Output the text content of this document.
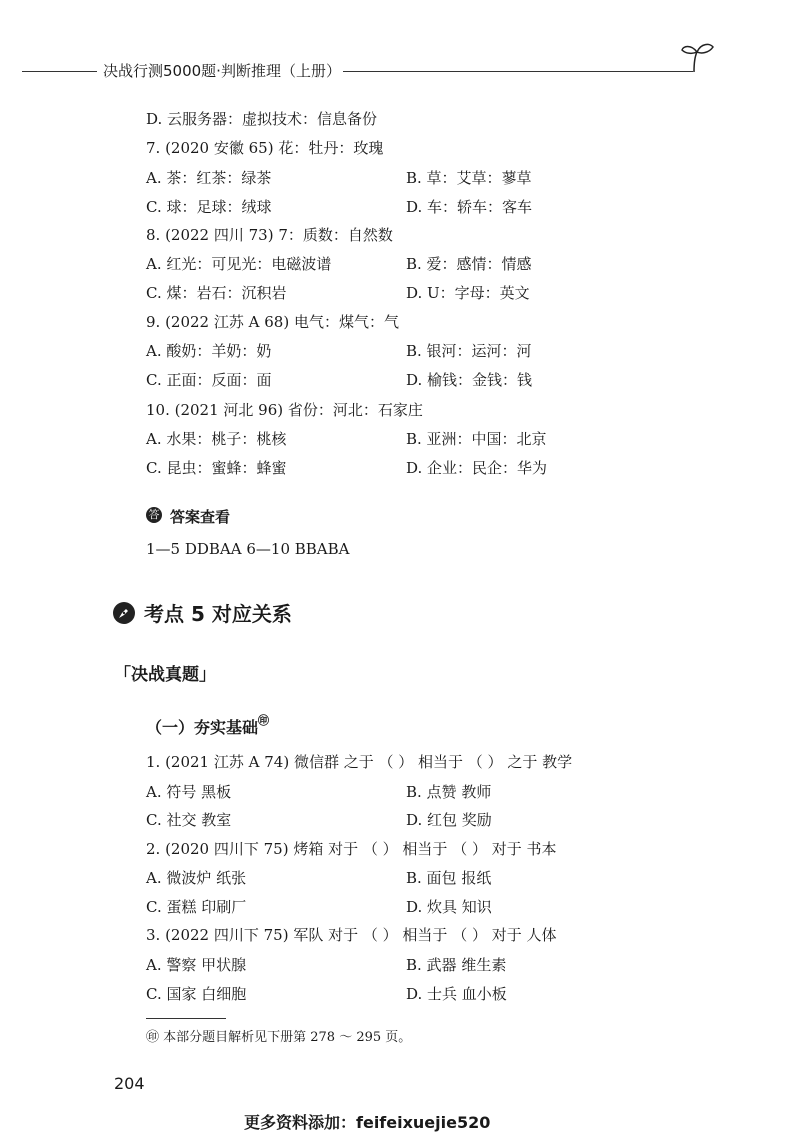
决战行测5000题·判断推理（上册）
D. 云服务器：虚拟技术：信息备份
7. (2020 安徽 65) 花：牡丹：玫瑰
A. 茶：红茶：绿茶	B. 草：艾草：蓼草
C. 球：足球：绒球	D. 车：轿车：客车
8. (2022 四川 73) 7：质数：自然数
A. 红光：可见光：电磁波谱	B. 爱：感情：情感
C. 煤：岩石：沉积岩	D. U：字母：英文
9. (2022 江苏 A 68) 电气：煤气：气
A. 酸奶：羊奶：奶	B. 银河：运河：河
C. 正面：反面：面	D. 榆钱：金钱：钱
10. (2021 河北 96) 省份：河北：石家庄
A. 水果：桃子：桃核	B. 亚洲：中国：北京
C. 昆虫：蜜蜂：蜂蜜	D. 企业：民企：华为
答 答案查看
1—5 DDBAA 6—10 BBABA
考点 5 对应关系
「决战真题」
（一）夯实基础㊞
1. (2021 江苏 A 74) 微信群 之于 （ ） 相当于 （ ） 之于 教学
A. 符号 黑板	B. 点赞 教师
C. 社交 教室	D. 红包 奖励
2. (2020 四川下 75) 烤箱 对于 （ ） 相当于 （ ） 对于 书本
A. 微波炉 纸张	B. 面包 报纸
C. 蛋糕 印刷厂	D. 炊具 知识
3. (2022 四川下 75) 军队 对于 （ ） 相当于 （ ） 对于 人体
A. 警察 甲状腺	B. 武器 维生素
C. 国家 白细胞	D. 士兵 血小板
㊞ 本部分题目解析见下册第 278 ～ 295 页。
204
更多资料添加：feifeixuejie520
